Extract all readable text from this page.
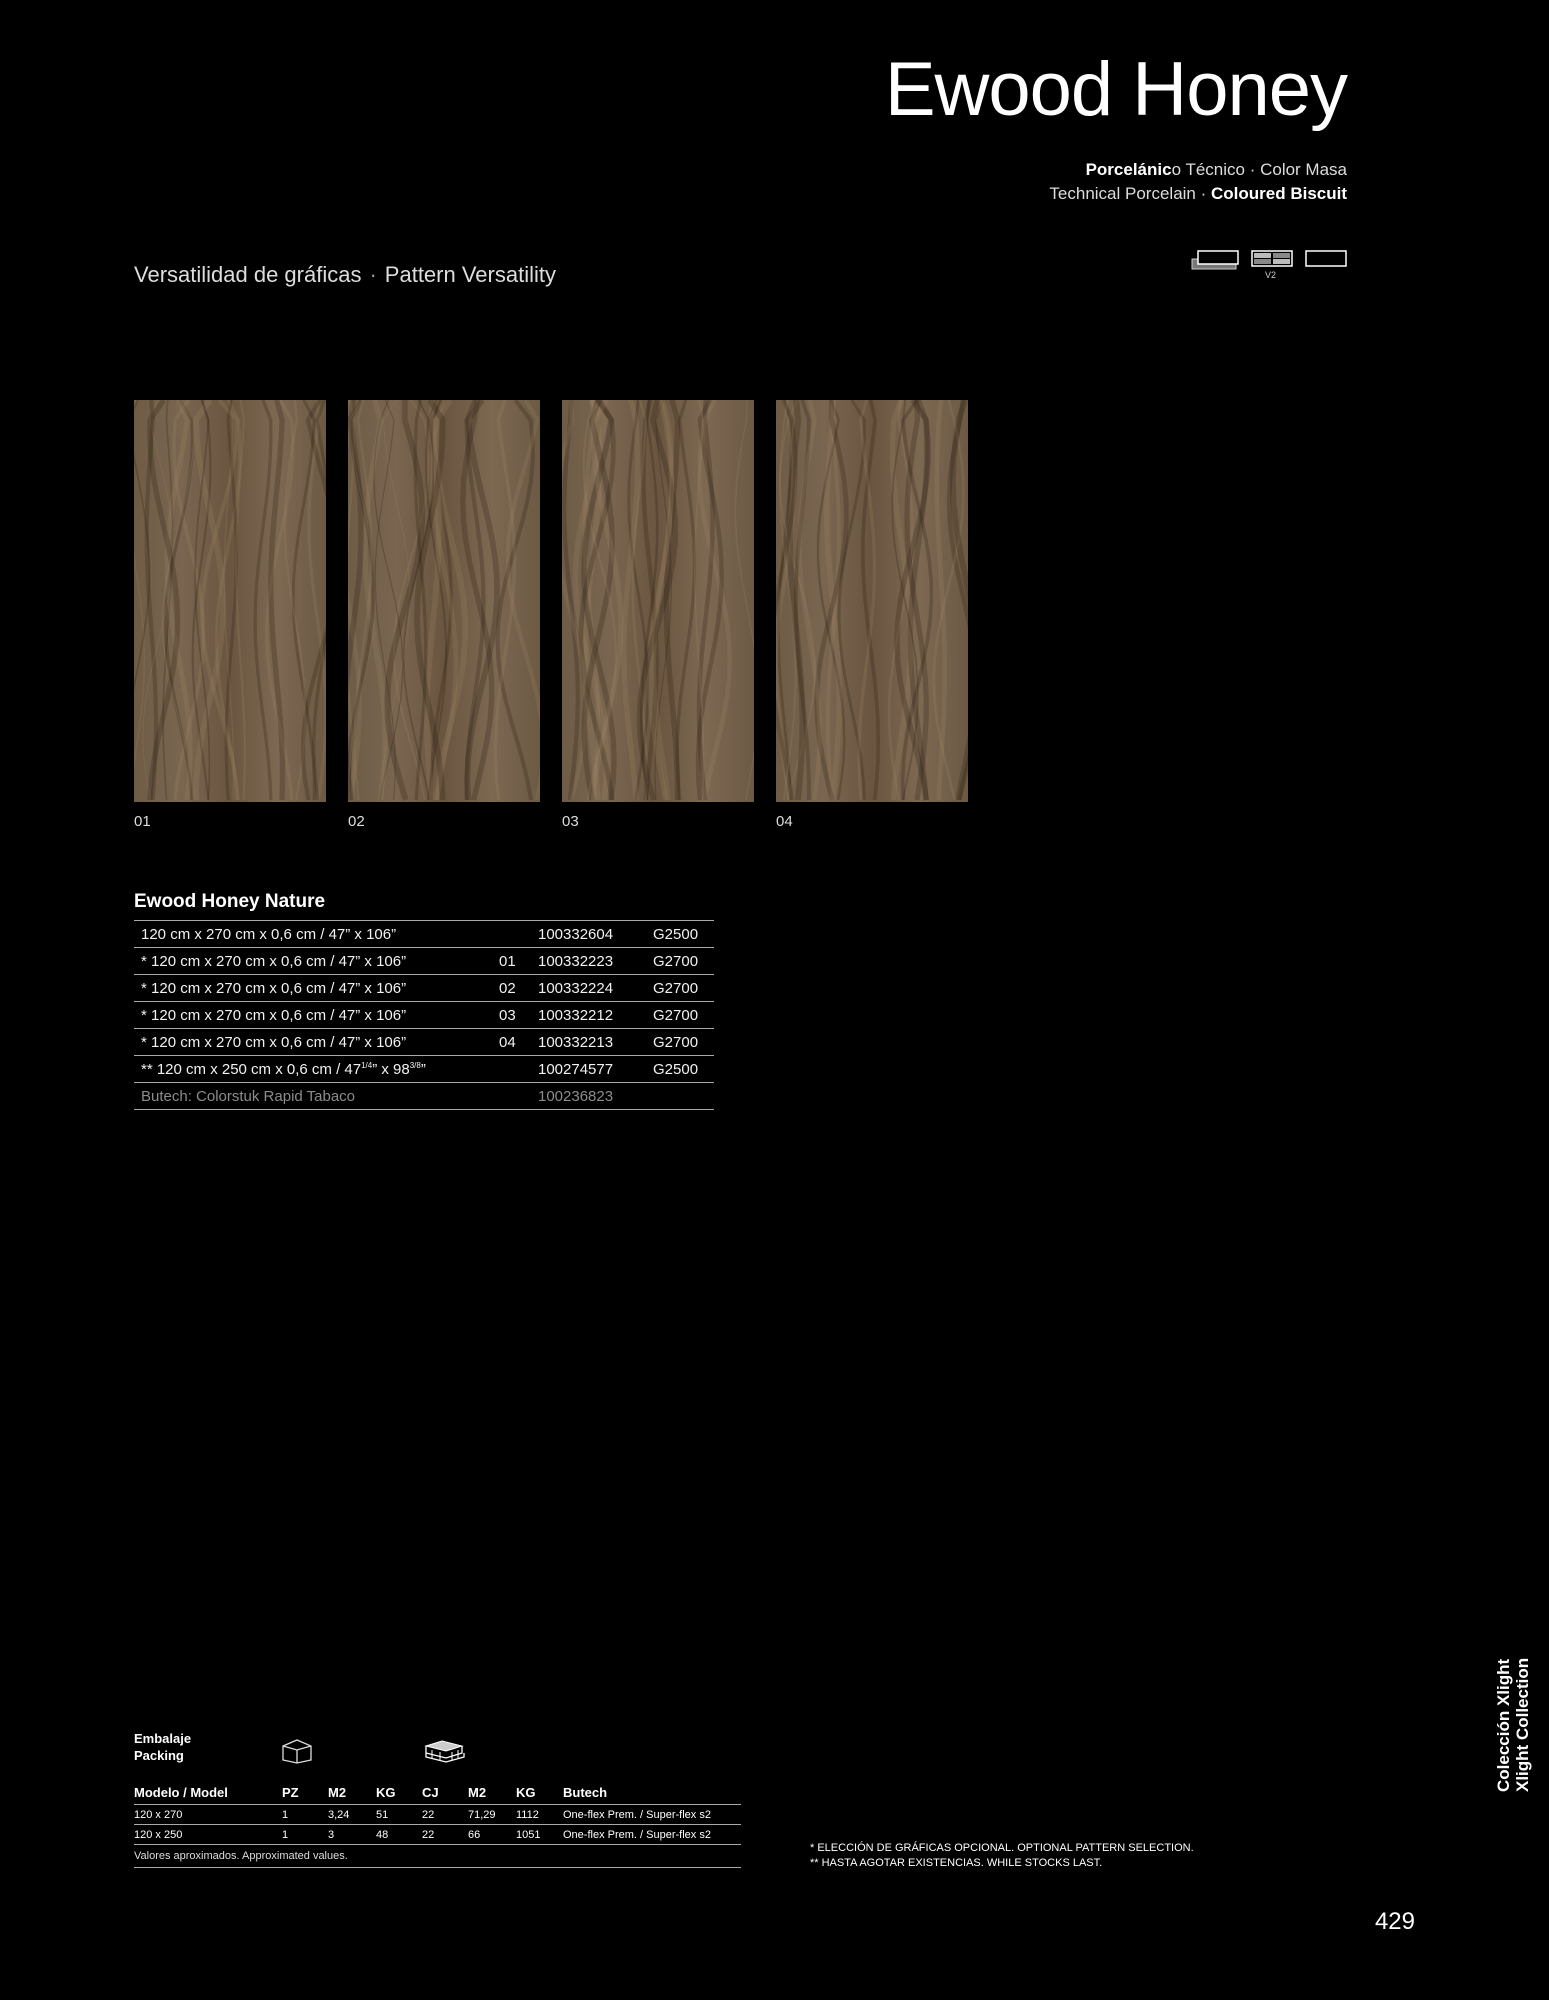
Ewood Honey
Porcelánico Técnico · Color Masa
Technical Porcelain · Coloured Biscuit
V2
Versatilidad de gráficas · Pattern Versatility
01	02	03	04
Ewood Honey Nature
120 cm x 270 cm x 0,6 cm / 47” x 106”		100332604	G2500
* 120 cm x 270 cm x 0,6 cm / 47” x 106”	01	100332223	G2700
* 120 cm x 270 cm x 0,6 cm / 47” x 106”	02	100332224	G2700
* 120 cm x 270 cm x 0,6 cm / 47” x 106”	03	100332212	G2700
* 120 cm x 270 cm x 0,6 cm / 47” x 106”	04	100332213	G2700
** 120 cm x 250 cm x 0,6 cm / $47^{1/4}$” x $98^{3/8}$”		100274577	G2500
Butech: Colorstuk Rapid Tabaco		100236823	
Embalaje
Packing
Modelo / Model	PZ	M2	KG	CJ	M2	KG	Butech
120 x 270	1	3,24	51	22	71,29	1112	One-flex Prem. / Super-flex s2
120 x 250	1	3	48	22	66	1051	One-flex Prem. / Super-flex s2
Valores aproximados. Approximated values.							
* ELECCIÓN DE GRÁFICAS OPCIONAL. OPTIONAL PATTERN SELECTION.
** HASTA AGOTAR EXISTENCIAS. WHILE STOCKS LAST.
Colección Xlight Xlight Collection
429
